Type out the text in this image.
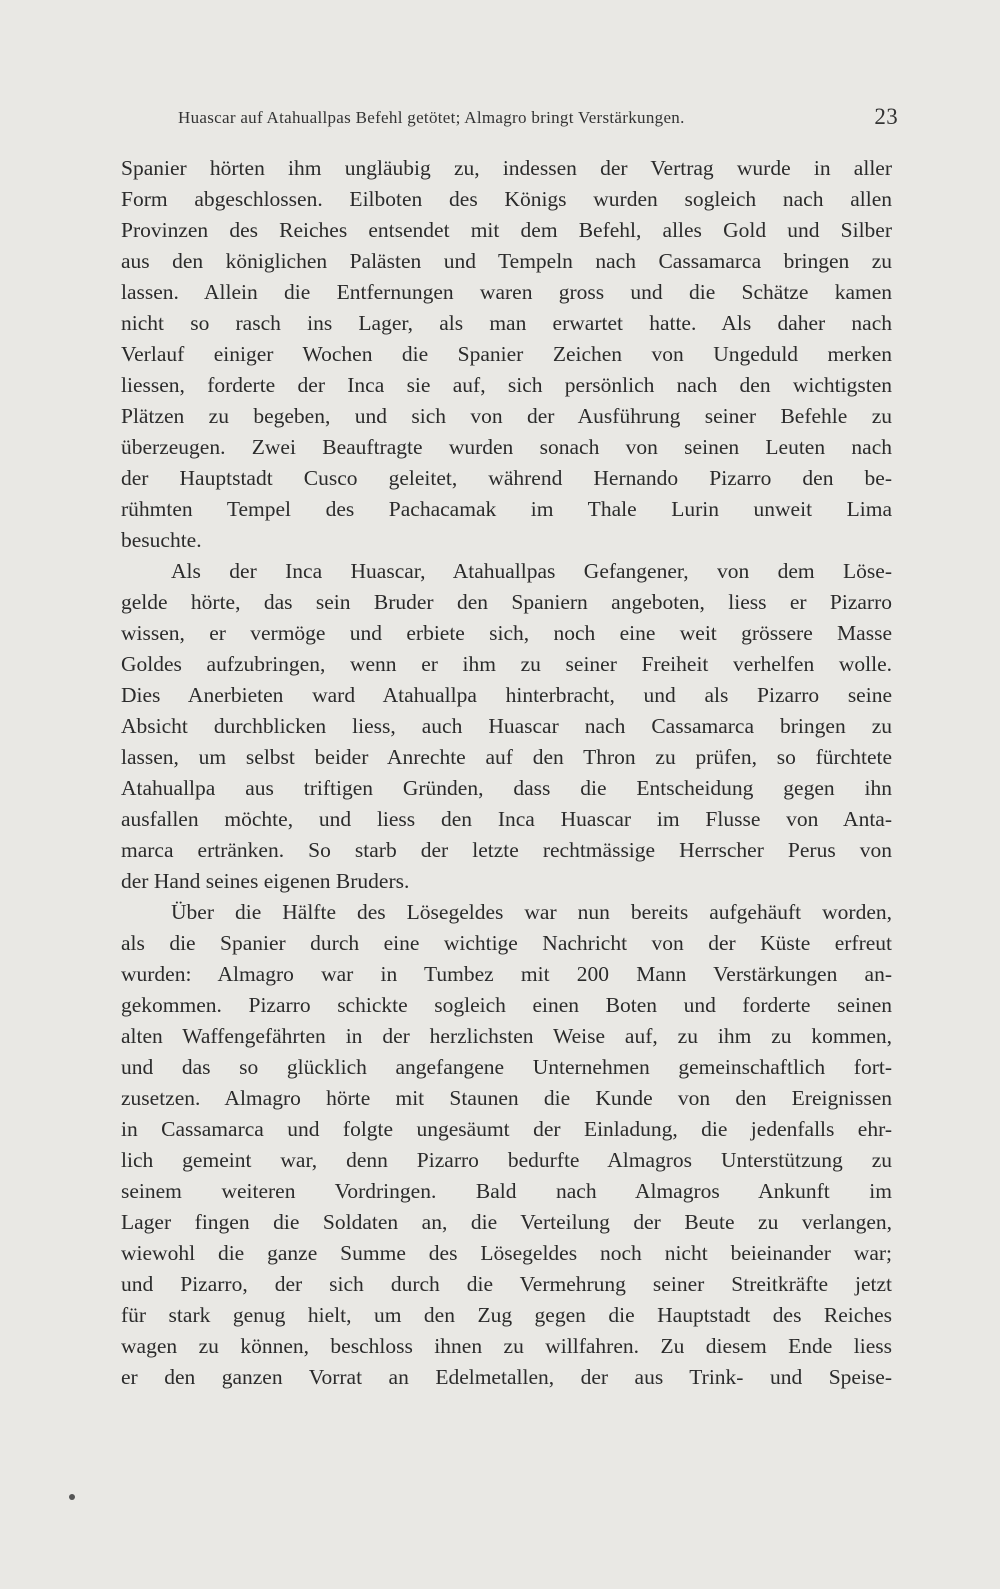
Huascar auf Atahuallpas Befehl getötet; Almagro bringt Verstärkungen.	23
Spanier hörten ihm ungläubig zu, indessen der Vertrag wurde in aller
Form abgeschlossen. Eilboten des Königs wurden sogleich nach allen
Provinzen des Reiches entsendet mit dem Befehl, alles Gold und Silber
aus den königlichen Palästen und Tempeln nach Cassamarca bringen zu
lassen. Allein die Entfernungen waren gross und die Schätze kamen
nicht so rasch ins Lager, als man erwartet hatte. Als daher nach
Verlauf einiger Wochen die Spanier Zeichen von Ungeduld merken
liessen, forderte der Inca sie auf, sich persönlich nach den wichtigsten
Plätzen zu begeben, und sich von der Ausführung seiner Befehle zu
überzeugen. Zwei Beauftragte wurden sonach von seinen Leuten nach
der Hauptstadt Cusco geleitet, während Hernando Pizarro den be-
rühmten Tempel des Pachacamak im Thale Lurin unweit Lima
besuchte.
Als der Inca Huascar, Atahuallpas Gefangener, von dem Löse-
gelde hörte, das sein Bruder den Spaniern angeboten, liess er Pizarro
wissen, er vermöge und erbiete sich, noch eine weit grössere Masse
Goldes aufzubringen, wenn er ihm zu seiner Freiheit verhelfen wolle.
Dies Anerbieten ward Atahuallpa hinterbracht, und als Pizarro seine
Absicht durchblicken liess, auch Huascar nach Cassamarca bringen zu
lassen, um selbst beider Anrechte auf den Thron zu prüfen, so fürchtete
Atahuallpa aus triftigen Gründen, dass die Entscheidung gegen ihn
ausfallen möchte, und liess den Inca Huascar im Flusse von Anta-
marca ertränken. So starb der letzte rechtmässige Herrscher Perus von
der Hand seines eigenen Bruders.
Über die Hälfte des Lösegeldes war nun bereits aufgehäuft worden,
als die Spanier durch eine wichtige Nachricht von der Küste erfreut
wurden: Almagro war in Tumbez mit 200 Mann Verstärkungen an-
gekommen. Pizarro schickte sogleich einen Boten und forderte seinen
alten Waffengefährten in der herzlichsten Weise auf, zu ihm zu kommen,
und das so glücklich angefangene Unternehmen gemeinschaftlich fort-
zusetzen. Almagro hörte mit Staunen die Kunde von den Ereignissen
in Cassamarca und folgte ungesäumt der Einladung, die jedenfalls ehr-
lich gemeint war, denn Pizarro bedurfte Almagros Unterstützung zu
seinem weiteren Vordringen. Bald nach Almagros Ankunft im
Lager fingen die Soldaten an, die Verteilung der Beute zu verlangen,
wiewohl die ganze Summe des Lösegeldes noch nicht beieinander war;
und Pizarro, der sich durch die Vermehrung seiner Streitkräfte jetzt
für stark genug hielt, um den Zug gegen die Hauptstadt des Reiches
wagen zu können, beschloss ihnen zu willfahren. Zu diesem Ende liess
er den ganzen Vorrat an Edelmetallen, der aus Trink- und Speise-
